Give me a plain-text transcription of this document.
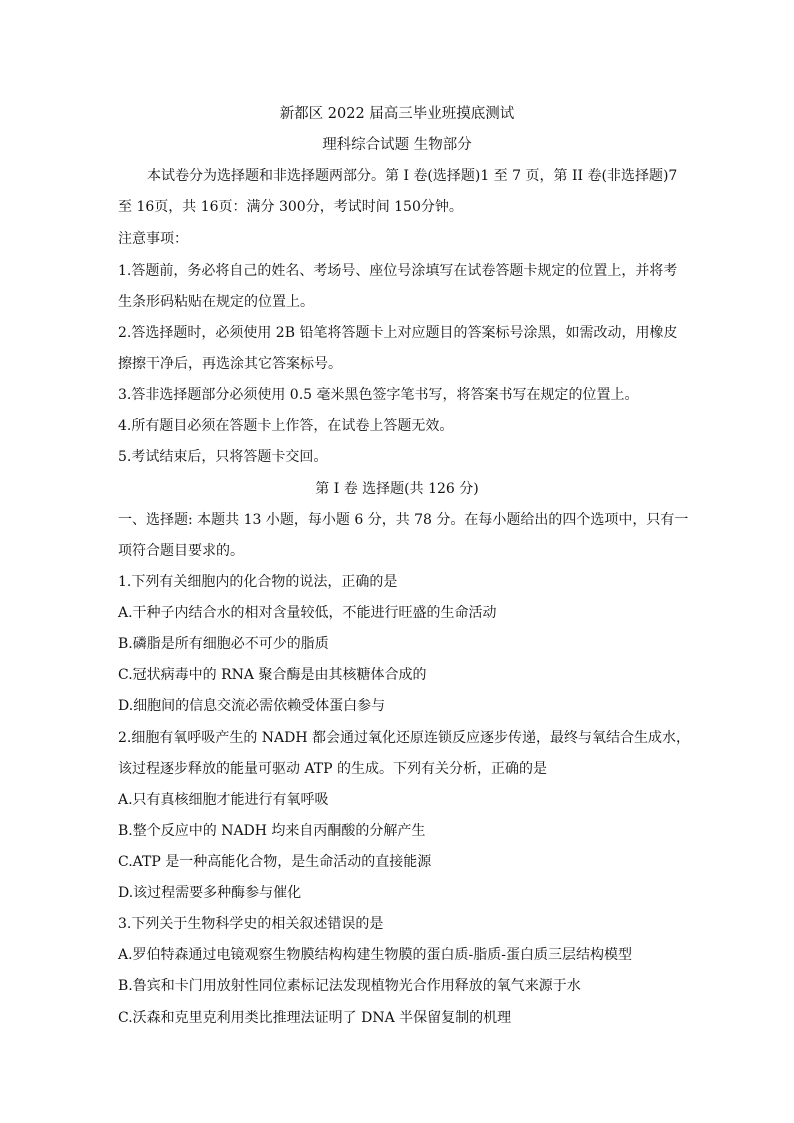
新都区 2022 届高三毕业班摸底测试
理科综合试题 生物部分
本试卷分为选择题和非选择题两部分。第 I 卷(选择题)1 至 7 页，第 II 卷(非选择题)7
至 16页，共 16页：满分 300分，考试时间 150分钟。
注意事项：
1.答题前，务必将自己的姓名、考场号、座位号涂填写在试卷答题卡规定的位置上，并将考
生条形码粘贴在规定的位置上。
2.答选择题时，必须使用 2B 铅笔将答题卡上对应题目的答案标号涂黑，如需改动，用橡皮
擦擦干净后，再选涂其它答案标号。
3.答非选择题部分必须使用 0.5 毫米黑色签字笔书写，将答案书写在规定的位置上。
4.所有题目必须在答题卡上作答，在试卷上答题无效。
5.考试结束后，只将答题卡交回。
第 I 卷 选择题(共 126 分)
一、选择题: 本题共 13 小题，每小题 6 分，共 78 分。在每小题给出的四个选项中，只有一
项符合题目要求的。
1.下列有关细胞内的化合物的说法，正确的是
A.干种子内结合水的相对含量较低，不能进行旺盛的生命活动
B.磷脂是所有细胞必不可少的脂质
C.冠状病毒中的 RNA 聚合酶是由其核糖体合成的
D.细胞间的信息交流必需依赖受体蛋白参与
2.细胞有氧呼吸产生的 NADH 都会通过氧化还原连锁反应逐步传递，最终与氧结合生成水，
该过程逐步释放的能量可驱动 ATP 的生成。下列有关分析，正确的是
A.只有真核细胞才能进行有氧呼吸
B.整个反应中的 NADH 均来自丙酮酸的分解产生
C.ATP 是一种高能化合物，是生命活动的直接能源
D.该过程需要多种酶参与催化
3.下列关于生物科学史的相关叙述错误的是
A.罗伯特森通过电镜观察生物膜结构构建生物膜的蛋白质-脂质-蛋白质三层结构模型
B.鲁宾和卡门用放射性同位素标记法发现植物光合作用释放的氧气来源于水
C.沃森和克里克利用类比推理法证明了 DNA 半保留复制的机理
